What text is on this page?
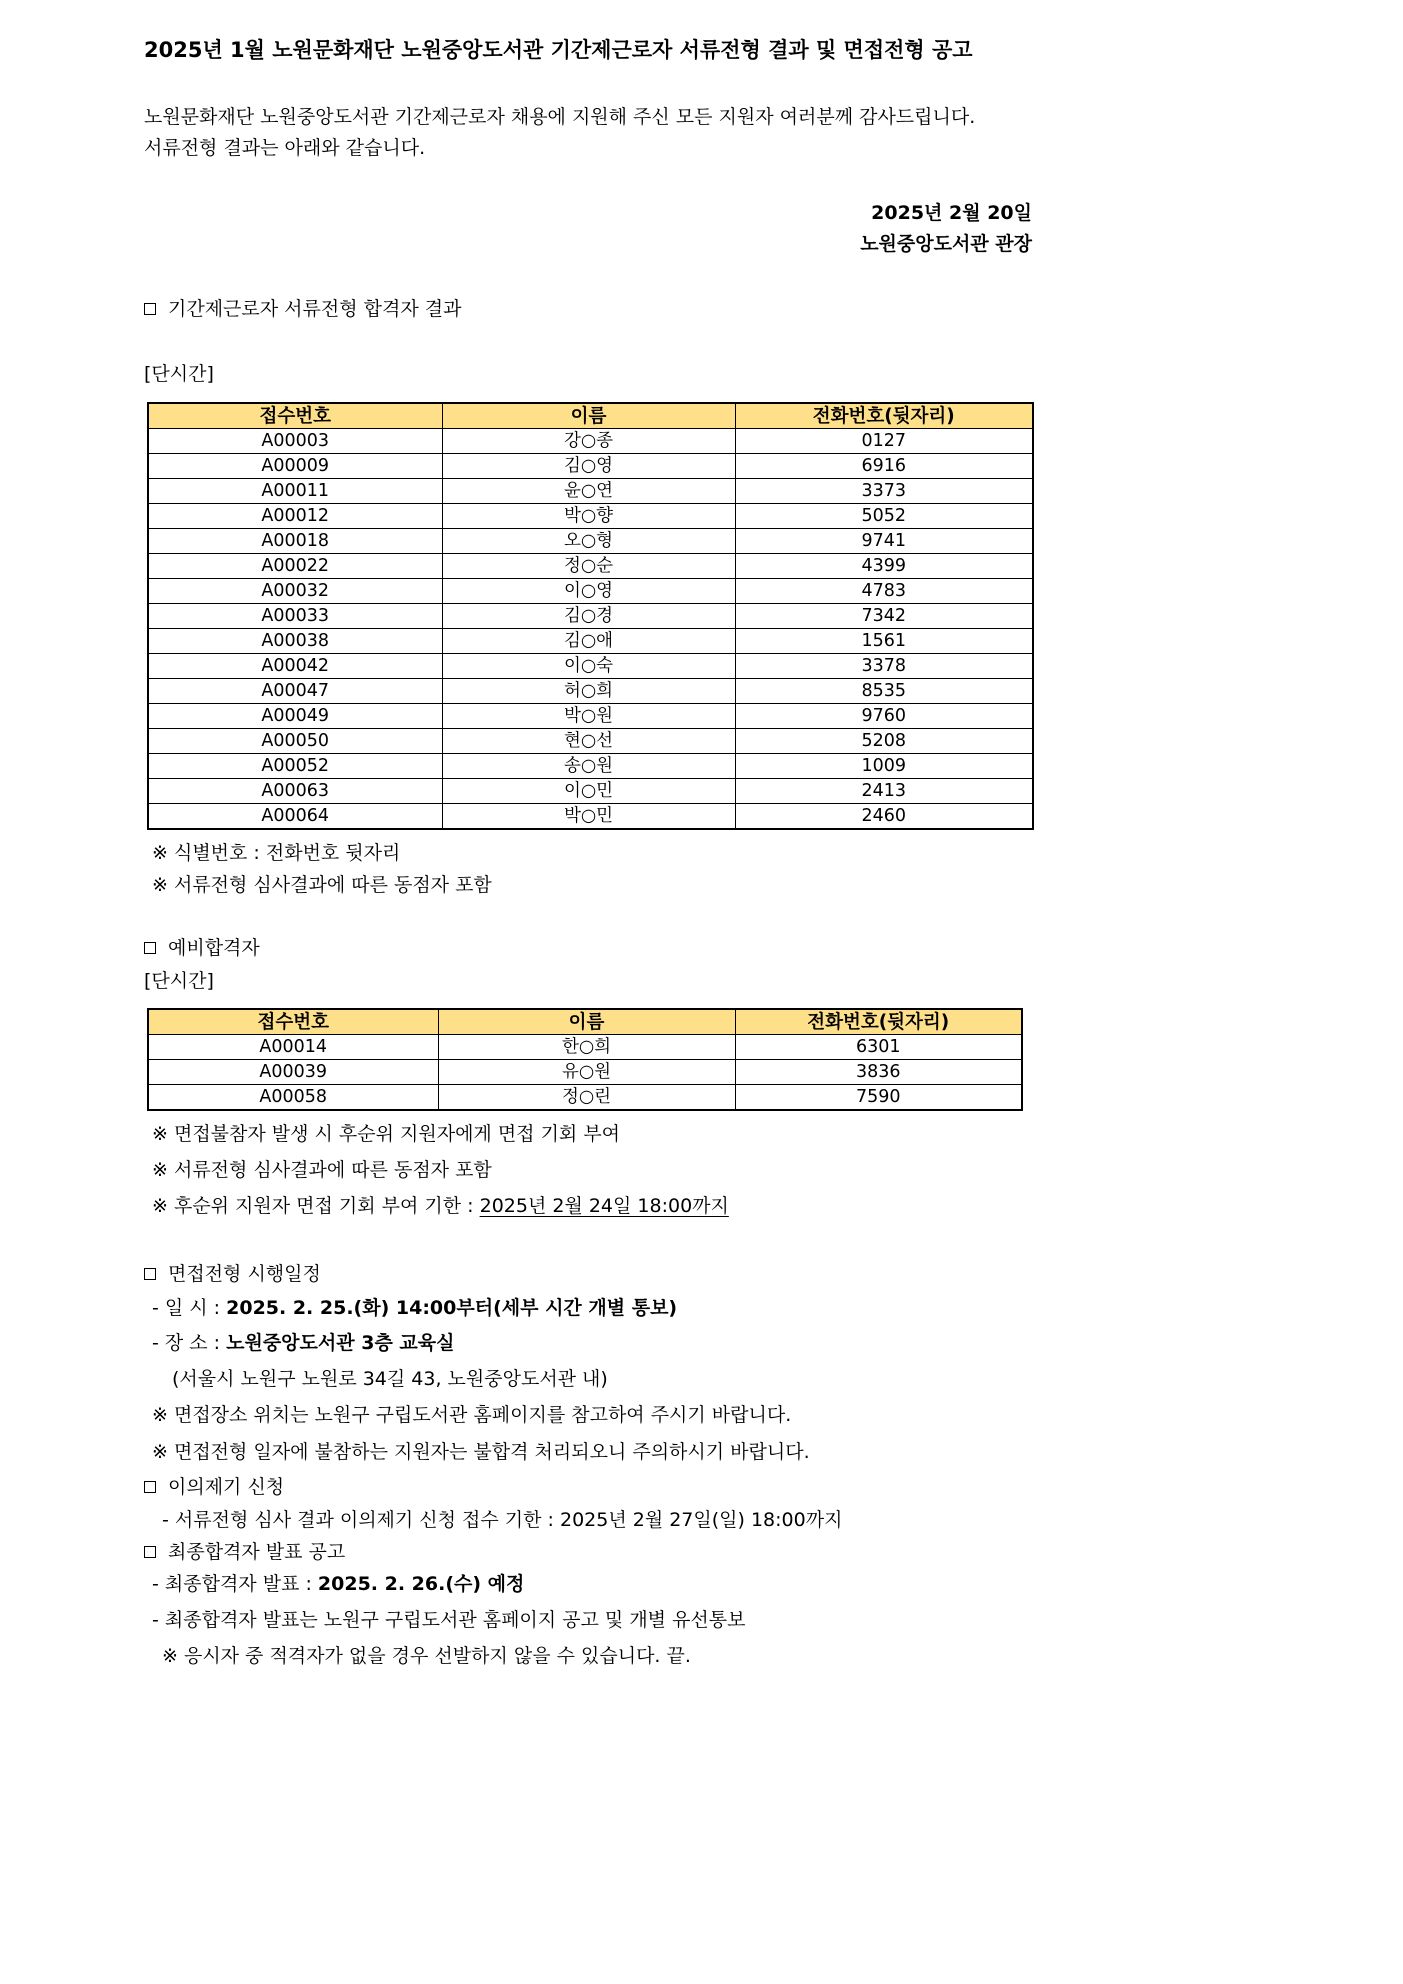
2025년 1월 노원문화재단 노원중앙도서관 기간제근로자 서류전형 결과 및 면접전형 공고
노원문화재단 노원중앙도서관 기간제근로자 채용에 지원해 주신 모든 지원자 여러분께 감사드립니다.
서류전형 결과는 아래와 같습니다.
2025년 2월 20일
노원중앙도서관 관장
기간제근로자 서류전형 합격자 결과
[단시간]
접수번호	이름	전화번호(뒷자리)
A00003	강○종	0127
A00009	김○영	6916
A00011	윤○연	3373
A00012	박○향	5052
A00018	오○형	9741
A00022	정○순	4399
A00032	이○영	4783
A00033	김○경	7342
A00038	김○애	1561
A00042	이○숙	3378
A00047	허○희	8535
A00049	박○원	9760
A00050	현○선	5208
A00052	송○원	1009
A00063	이○민	2413
A00064	박○민	2460
※ 식별번호 : 전화번호 뒷자리
※ 서류전형 심사결과에 따른 동점자 포함
예비합격자
[단시간]
접수번호	이름	전화번호(뒷자리)
A00014	한○희	6301
A00039	유○원	3836
A00058	정○린	7590
※ 면접불참자 발생 시 후순위 지원자에게 면접 기회 부여
※ 서류전형 심사결과에 따른 동점자 포함
※ 후순위 지원자 면접 기회 부여 기한 : 2025년 2월 24일 18:00까지
면접전형 시행일정
- 일 시 : 2025. 2. 25.(화) 14:00부터(세부 시간 개별 통보)
- 장 소 : 노원중앙도서관 3층 교육실
(서울시 노원구 노원로 34길 43, 노원중앙도서관 내)
※ 면접장소 위치는 노원구 구립도서관 홈페이지를 참고하여 주시기 바랍니다.
※ 면접전형 일자에 불참하는 지원자는 불합격 처리되오니 주의하시기 바랍니다.
이의제기 신청
- 서류전형 심사 결과 이의제기 신청 접수 기한 : 2025년 2월 27일(일) 18:00까지
최종합격자 발표 공고
- 최종합격자 발표 : 2025. 2. 26.(수) 예정
- 최종합격자 발표는 노원구 구립도서관 홈페이지 공고 및 개별 유선통보
※ 응시자 중 적격자가 없을 경우 선발하지 않을 수 있습니다. 끝.
